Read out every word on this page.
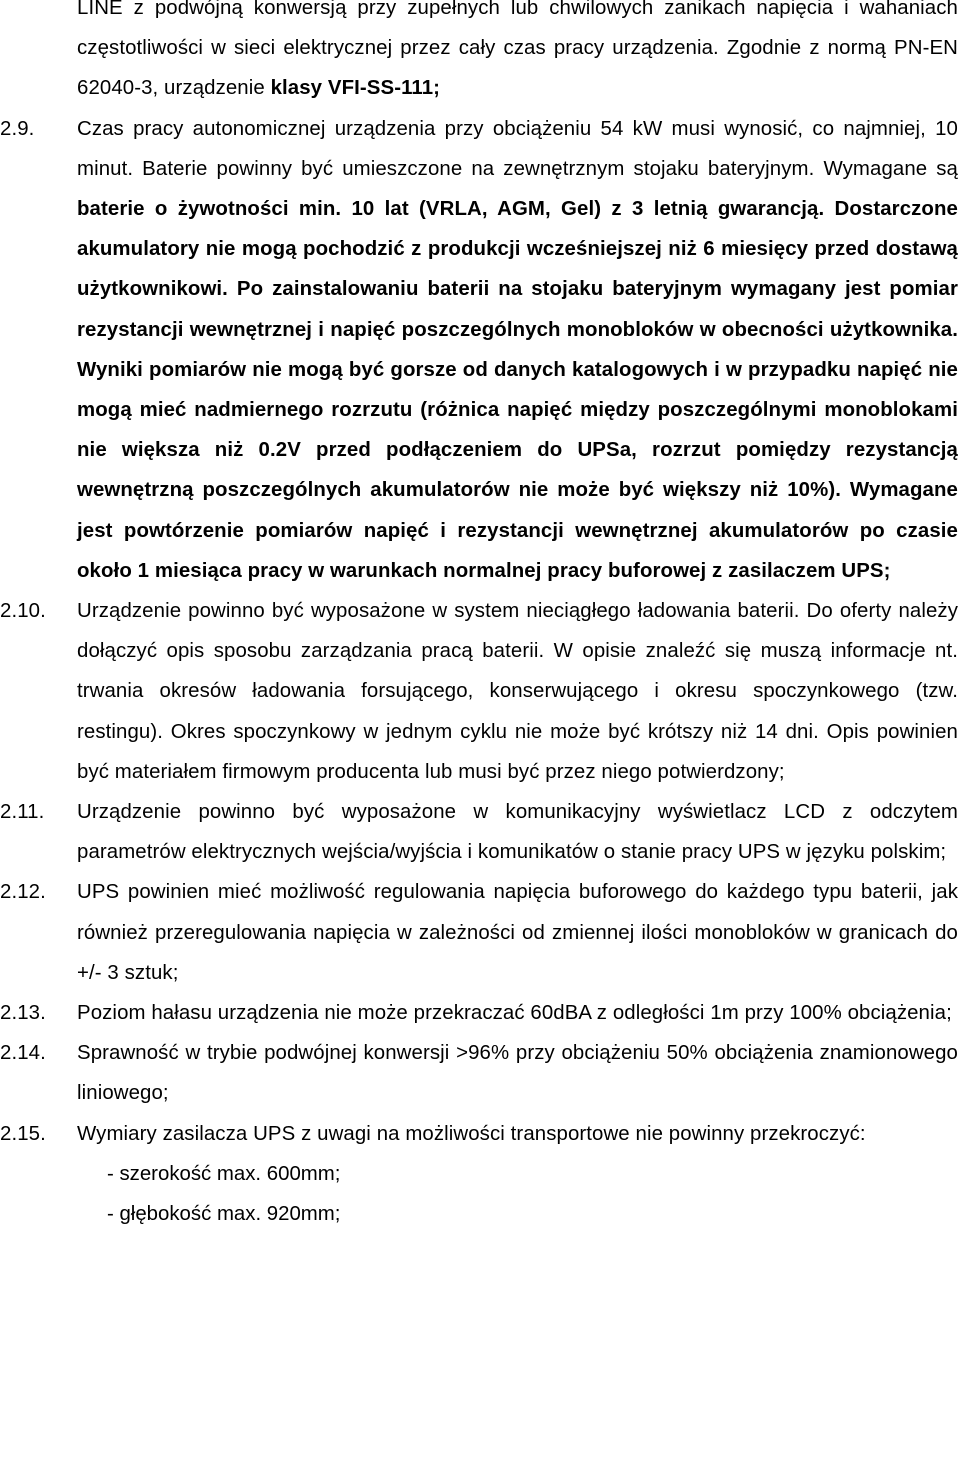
LINE z podwójną konwersją przy zupełnych lub chwilowych zanikach napięcia i wahaniach częstotliwości w sieci elektrycznej przez cały czas pracy urządzenia. Zgodnie z normą PN-EN 62040-3, urządzenie klasy VFI-SS-111;
2.9.	Czas pracy autonomicznej urządzenia przy obciążeniu 54 kW musi wynosić, co najmniej, 10 minut. Baterie powinny być umieszczone na zewnętrznym stojaku bateryjnym. Wymagane są baterie o żywotności min. 10 lat (VRLA, AGM, Gel) z 3 letnią gwarancją. Dostarczone akumulatory nie mogą pochodzić z produkcji wcześniejszej niż 6 miesięcy przed dostawą użytkownikowi. Po zainstalowaniu baterii na stojaku bateryjnym wymagany jest pomiar rezystancji wewnętrznej i napięć poszczególnych monobloków w obecności użytkownika. Wyniki pomiarów nie mogą być gorsze od danych katalogowych i w przypadku napięć nie mogą mieć nadmiernego rozrzutu (różnica napięć między poszczególnymi monoblokami nie większa niż 0.2V przed podłączeniem do UPSa, rozrzut pomiędzy rezystancją wewnętrzną poszczególnych akumulatorów nie może być większy niż 10%). Wymagane jest powtórzenie pomiarów napięć i rezystancji wewnętrznej akumulatorów po czasie około 1 miesiąca pracy w warunkach normalnej pracy buforowej z zasilaczem UPS;
2.10.	Urządzenie powinno być wyposażone w system nieciągłego ładowania baterii. Do oferty należy dołączyć opis sposobu zarządzania pracą baterii. W opisie znaleźć się muszą informacje nt. trwania okresów ładowania forsującego, konserwującego i okresu spoczynkowego (tzw. restingu). Okres spoczynkowy w jednym cyklu nie może być krótszy niż 14 dni. Opis powinien być materiałem firmowym producenta lub musi być przez niego potwierdzony;
2.11.	Urządzenie powinno być wyposażone w komunikacyjny wyświetlacz LCD z odczytem parametrów elektrycznych wejścia/wyjścia i komunikatów o stanie pracy UPS w języku polskim;
2.12.	UPS powinien mieć możliwość regulowania napięcia buforowego do każdego typu baterii, jak również przeregulowania napięcia w zależności od zmiennej ilości monobloków w granicach do +/- 3 sztuk;
2.13.	Poziom hałasu urządzenia nie może przekraczać 60dBA z odległości 1m przy 100% obciążenia;
2.14.	Sprawność w trybie podwójnej konwersji >96% przy obciążeniu 50% obciążenia znamionowego liniowego;
2.15.	Wymiary zasilacza UPS z uwagi na możliwości transportowe nie powinny przekroczyć:
- szerokość max. 600mm;
- głębokość max. 920mm;
